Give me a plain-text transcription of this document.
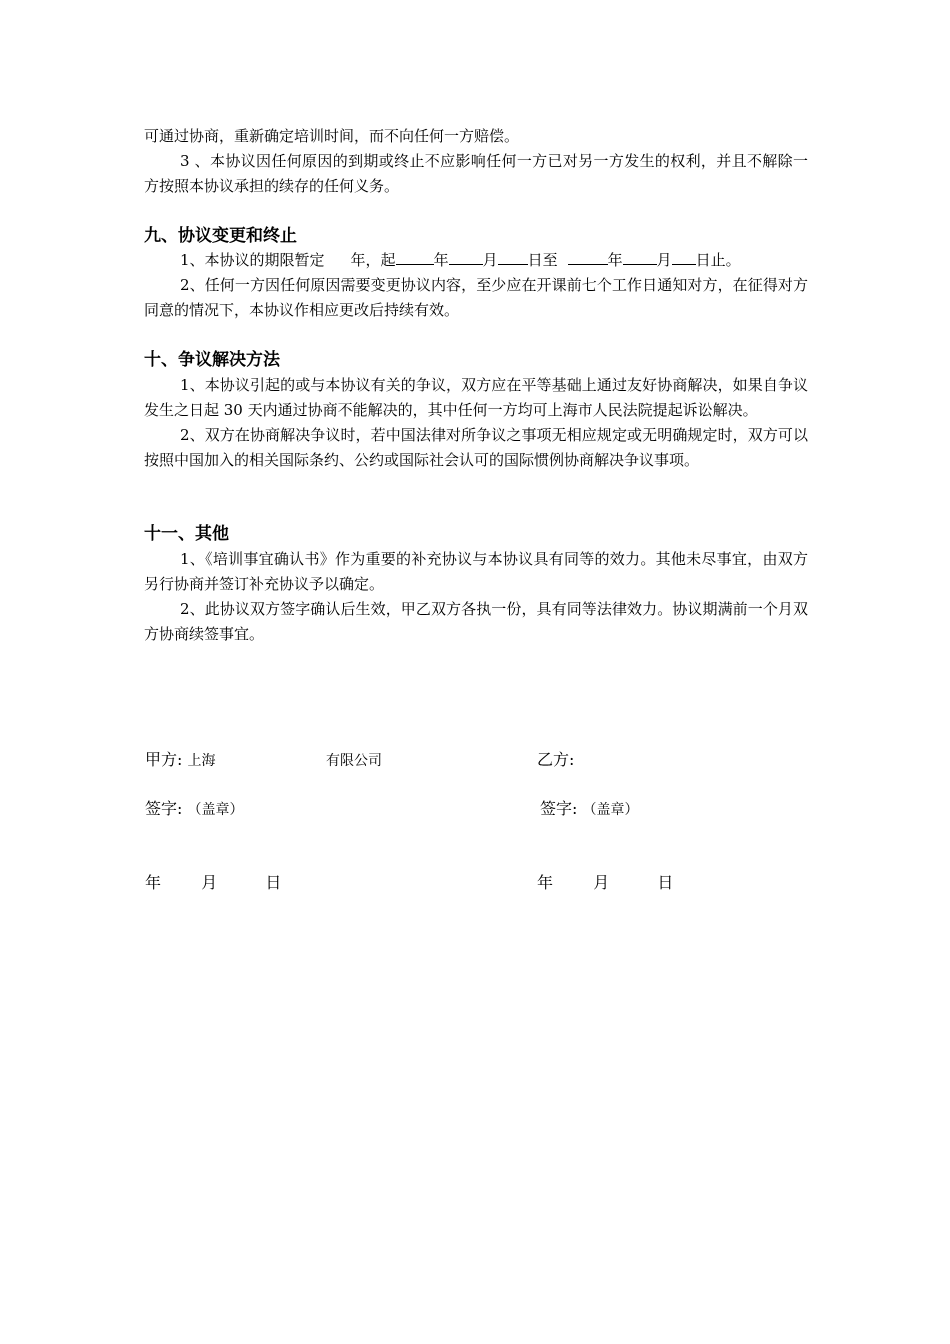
可通过协商，重新确定培训时间，而不向任何一方赔偿。

3 、本协议因任何原因的到期或终止不应影响任何一方已对另一方发生的权利，并且不解除一方按照本协议承担的续存的任何义务。

九、协议变更和终止

1、本协议的期限暂定 年，起	年 月 日至	年 月 日止。

2、任何一方因任何原因需要变更协议内容，至少应在开课前七个工作日通知对方，在征得对方同意的情况下，本协议作相应更改后持续有效。

十、争议解决方法

1、本协议引起的或与本协议有关的争议，双方应在平等基础上通过友好协商解决，如果自争议发生之日起 30 天内通过协商不能解决的，其中任何一方均可上海市人民法院提起诉讼解决。

2、双方在协商解决争议时，若中国法律对所争议之事项无相应规定或无明确规定时，双方可以按照中国加入的相关国际条约、公约或国际社会认可的国际惯例协商解决争议事项。

十一、其他

1、《培训事宜确认书》作为重要的补充协议与本协议具有同等的效力。其他未尽事宜，由双方另行协商并签订补充协议予以确定。

2、此协议双方签字确认后生效，甲乙双方各执一份，具有同等法律效力。协议期满前一个月双方协商续签事宜。

甲方: 上海	有限公司	乙方:
签字: （盖章）	签字: （盖章）
年	月	日	年	月	日
